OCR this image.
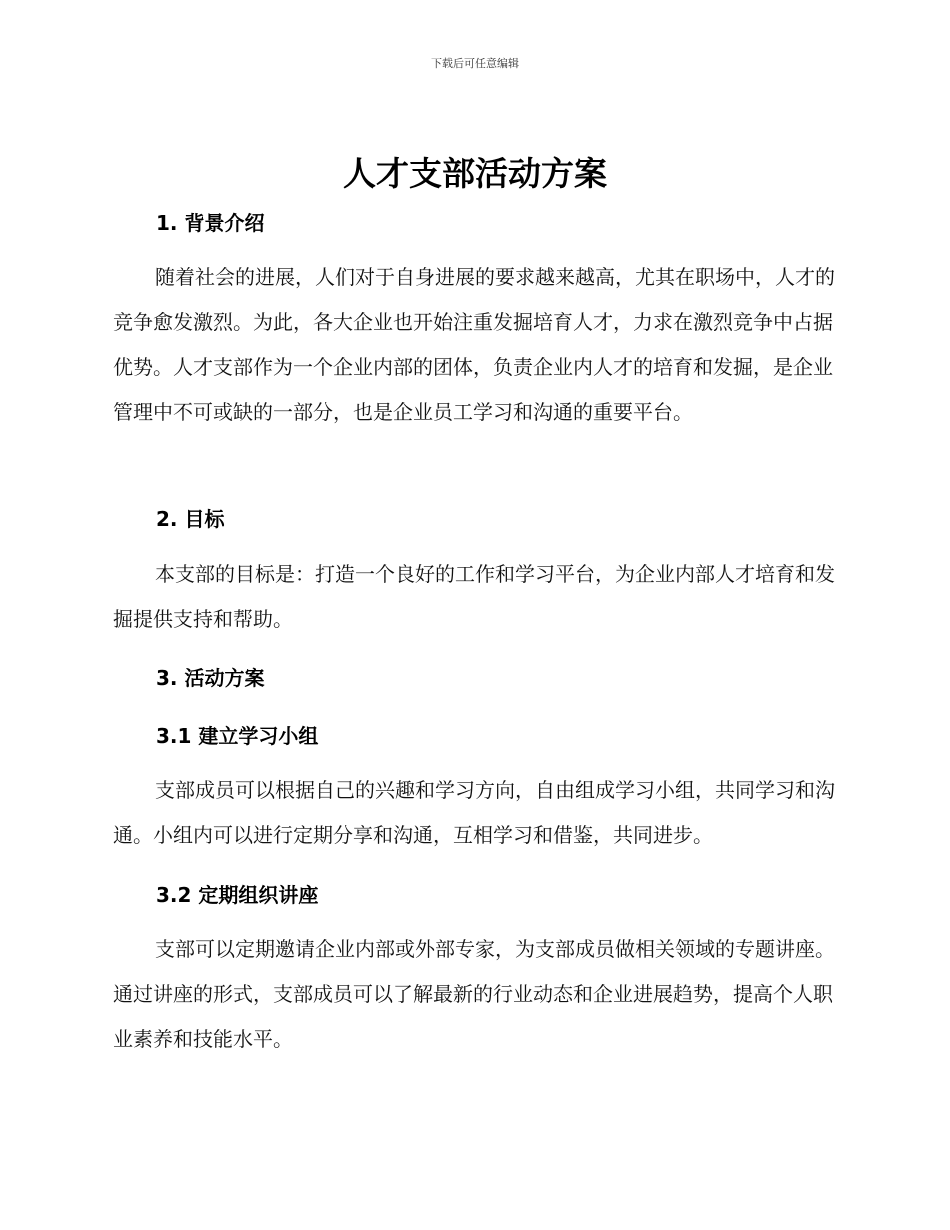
下载后可任意编辑
人才支部活动方案
1. 背景介绍

随着社会的进展，人们对于自身进展的要求越来越高，尤其在职场中，人才的竞争愈发激烈。为此，各大企业也开始注重发掘培育人才，力求在激烈竞争中占据优势。人才支部作为一个企业内部的团体，负责企业内人才的培育和发掘，是企业管理中不可或缺的一部分，也是企业员工学习和沟通的重要平台。

2. 目标

本支部的目标是：打造一个良好的工作和学习平台，为企业内部人才培育和发掘提供支持和帮助。

3. 活动方案
3.1 建立学习小组

支部成员可以根据自己的兴趣和学习方向，自由组成学习小组，共同学习和沟通。小组内可以进行定期分享和沟通，互相学习和借鉴，共同进步。

3.2 定期组织讲座

支部可以定期邀请企业内部或外部专家，为支部成员做相关领域的专题讲座。通过讲座的形式，支部成员可以了解最新的行业动态和企业进展趋势，提高个人职业素养和技能水平。
